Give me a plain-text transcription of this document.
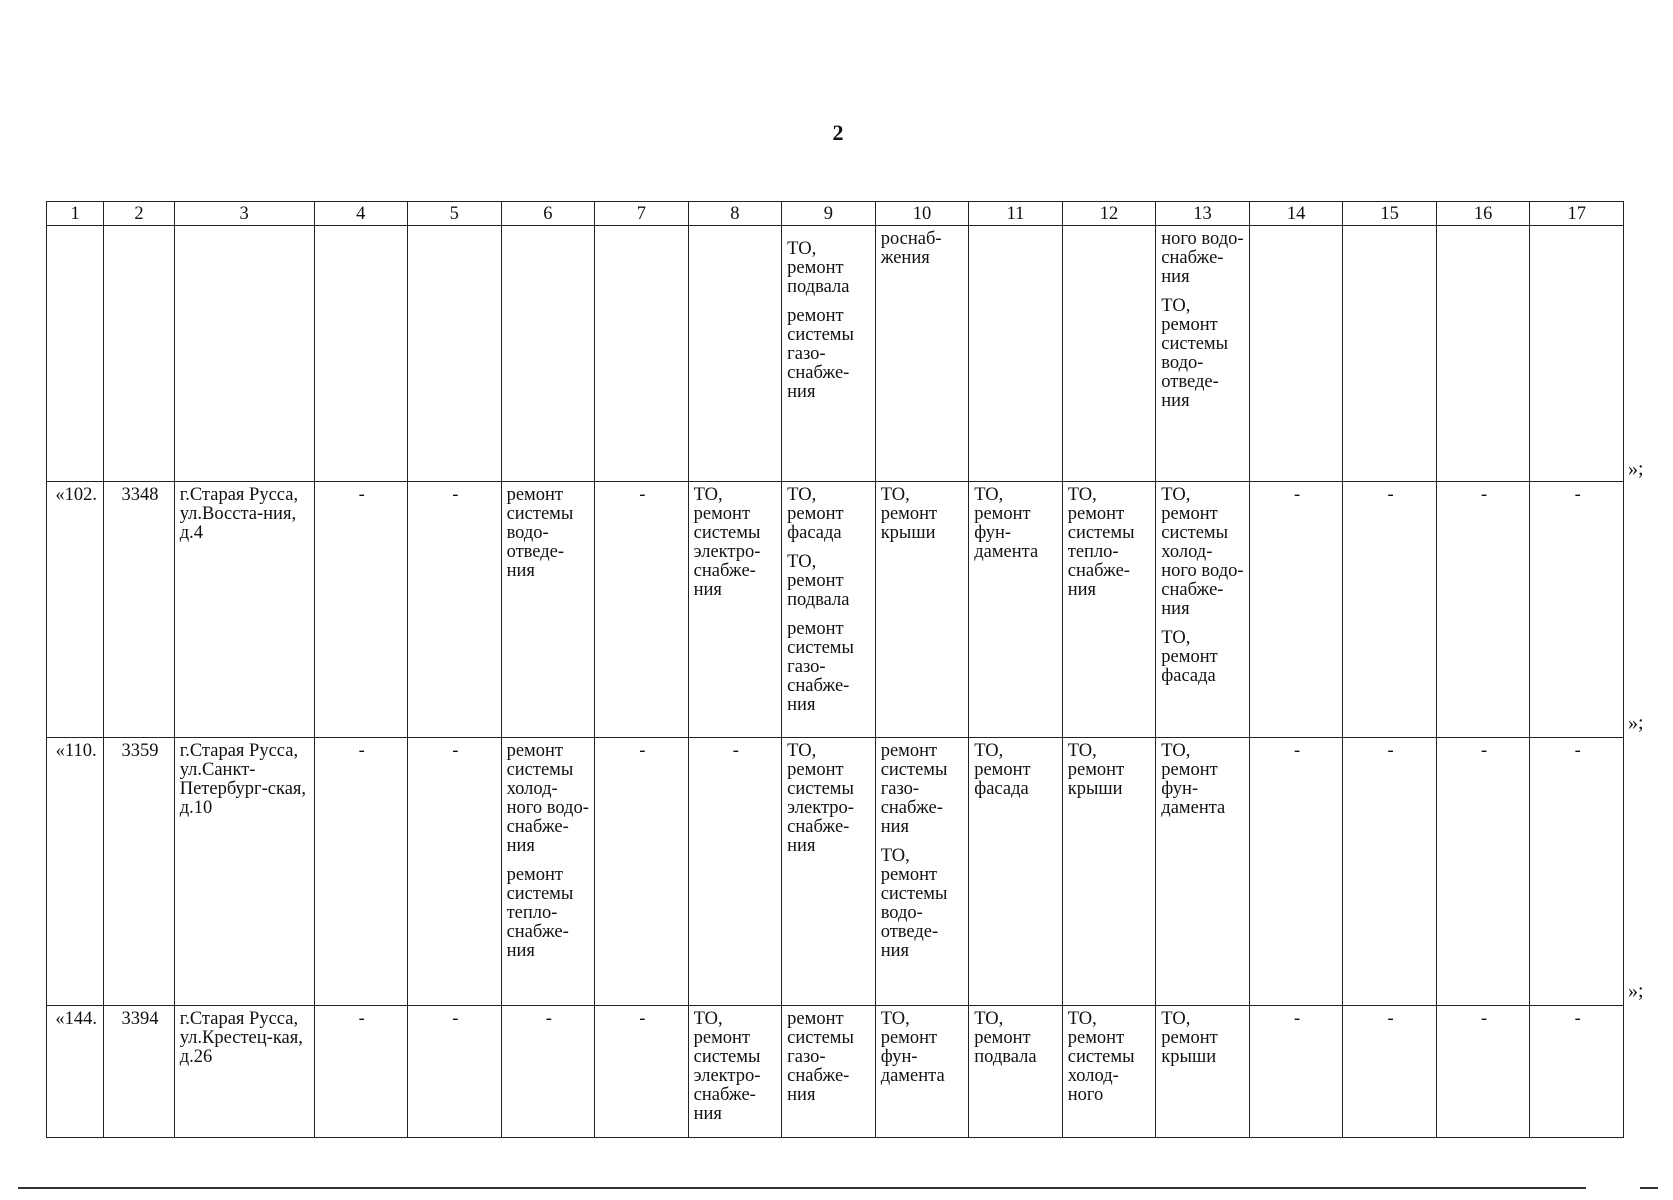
2
1	2	3	4	5	6	7	8	9	10	11	12	13	14	15	16	17

								ТО, ремонт подвала
ремонт системы газо-снабже-ния	роснаб-жения			ного водо-снабже-ния
ТО, ремонт системы водо-отведе-ния				

«102.	3348	г.Старая Русса, ул.Восста-ния, д.4	-	-	ремонт системы водо-отведе-ния	-	ТО, ремонт системы электро-снабже-ния	ТО, ремонт фасада
ТО, ремонт подвала
ремонт системы газо-снабже-ния	ТО, ремонт крыши	ТО, ремонт фун-дамента	ТО, ремонт системы тепло-снабже-ния	ТО, ремонт системы холод-ного водо-снабже-ния
ТО, ремонт фасада	-	-	-	-
«110.	3359	г.Старая Русса, ул.Санкт-Петербург-ская, д.10	-	-	ремонт системы холод-ного водо-снабже-ния
ремонт системы тепло-снабже-ния	-	-	ТО, ремонт системы электро-снабже-ния	ремонт системы газо-снабже-ния
ТО, ремонт системы водо-отведе-ния	ТО, ремонт фасада	ТО, ремонт крыши	ТО, ремонт фун-дамента	-	-	-	-
«144.	3394	г.Старая Русса, ул.Крестец-кая, д.26	-	-	-	-	ТО, ремонт системы электро-снабже-ния	ремонт системы газо-снабже-ния	ТО, ремонт фун-дамента	ТО, ремонт подвала	ТО, ремонт системы холод-ного	ТО, ремонт крыши	-	-	-	-
»;
»;
»;
